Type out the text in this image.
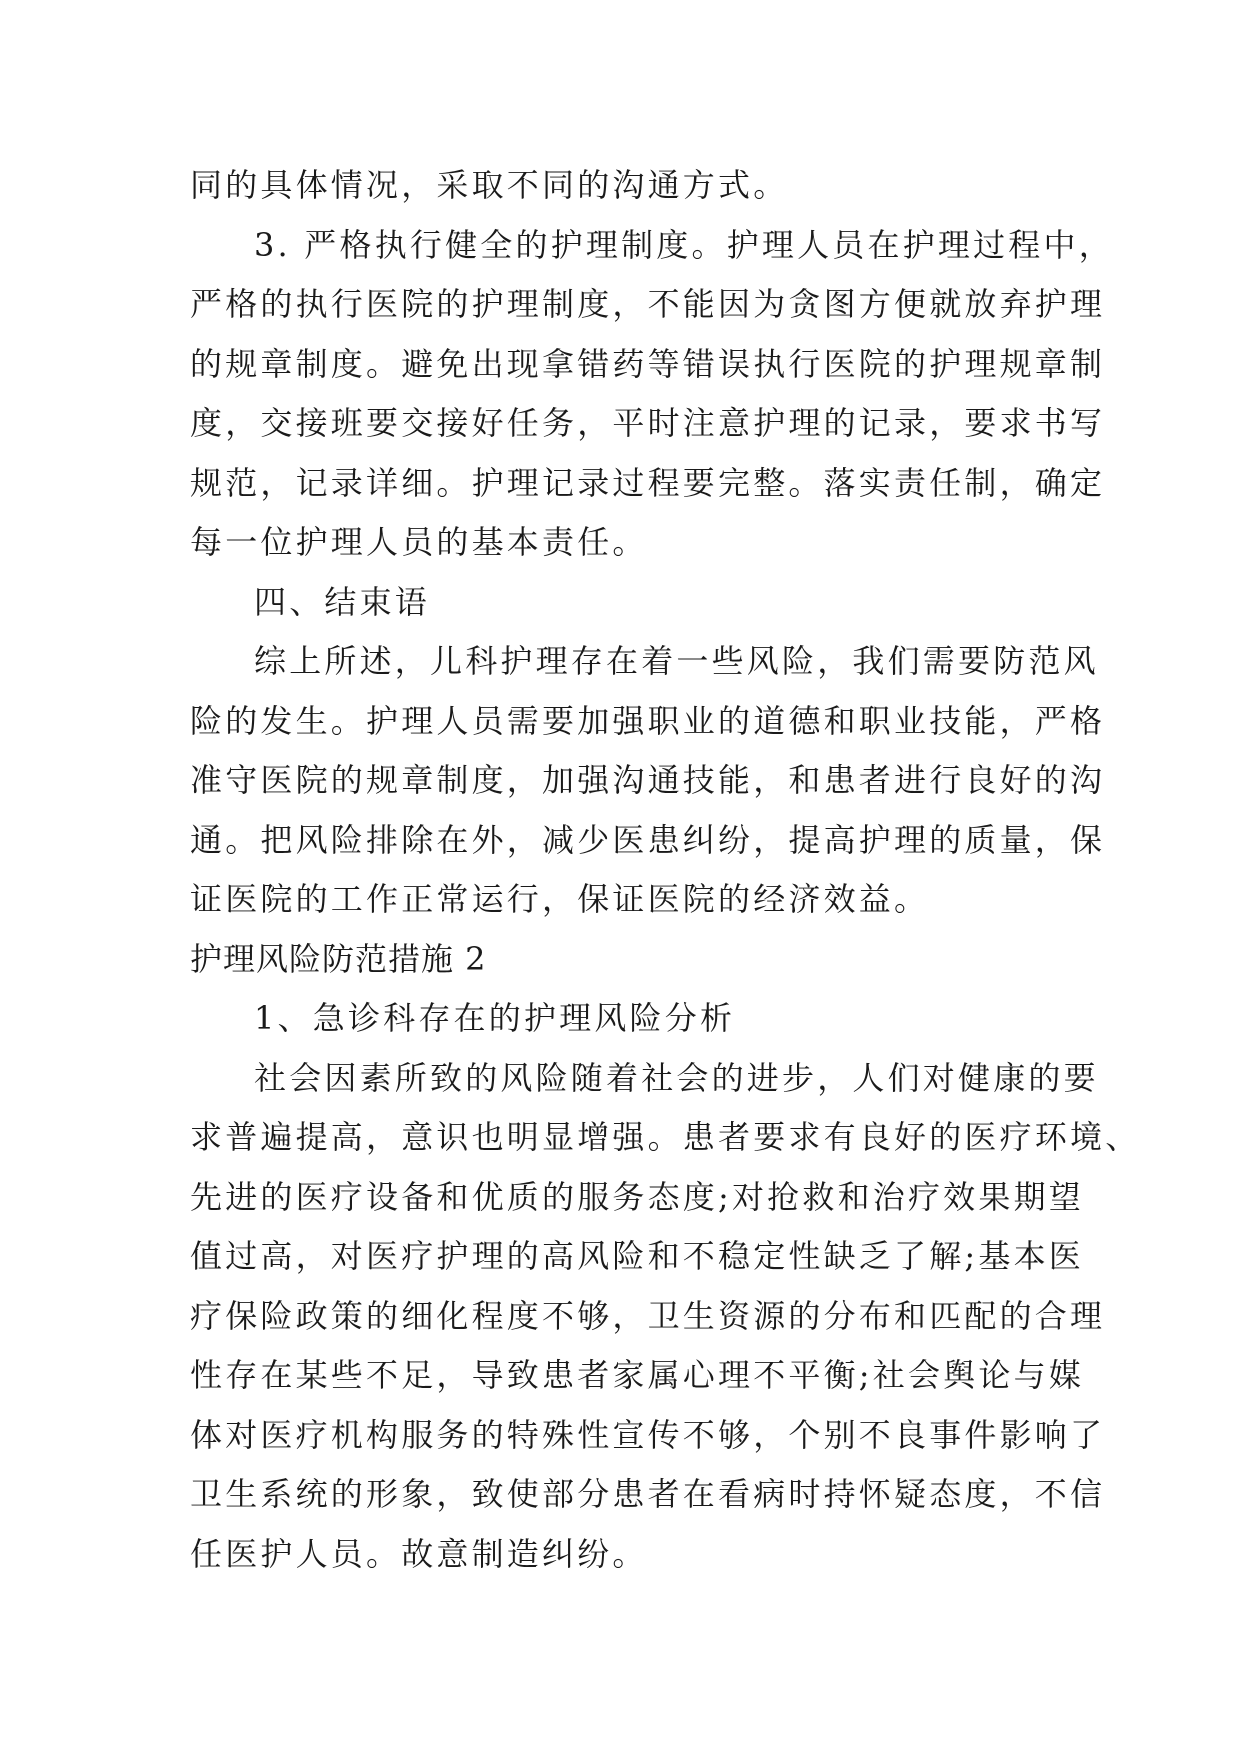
同的具体情况，采取不同的沟通方式。
3. 严格执行健全的护理制度。护理人员在护理过程中，
严格的执行医院的护理制度，不能因为贪图方便就放弃护理
的规章制度。避免出现拿错药等错误执行医院的护理规章制
度，交接班要交接好任务，平时注意护理的记录，要求书写
规范，记录详细。护理记录过程要完整。落实责任制，确定
每一位护理人员的基本责任。
四、结束语
综上所述，儿科护理存在着一些风险，我们需要防范风
险的发生。护理人员需要加强职业的道德和职业技能，严格
准守医院的规章制度，加强沟通技能，和患者进行良好的沟
通。把风险排除在外，减少医患纠纷，提高护理的质量，保
证医院的工作正常运行，保证医院的经济效益。
护理风险防范措施 2
1、急诊科存在的护理风险分析
社会因素所致的风险随着社会的进步，人们对健康的要
求普遍提高，意识也明显增强。患者要求有良好的医疗环境、
先进的医疗设备和优质的服务态度;对抢救和治疗效果期望
值过高，对医疗护理的高风险和不稳定性缺乏了解;基本医
疗保险政策的细化程度不够，卫生资源的分布和匹配的合理
性存在某些不足，导致患者家属心理不平衡;社会舆论与媒
体对医疗机构服务的特殊性宣传不够，个别不良事件影响了
卫生系统的形象，致使部分患者在看病时持怀疑态度，不信
任医护人员。故意制造纠纷。
